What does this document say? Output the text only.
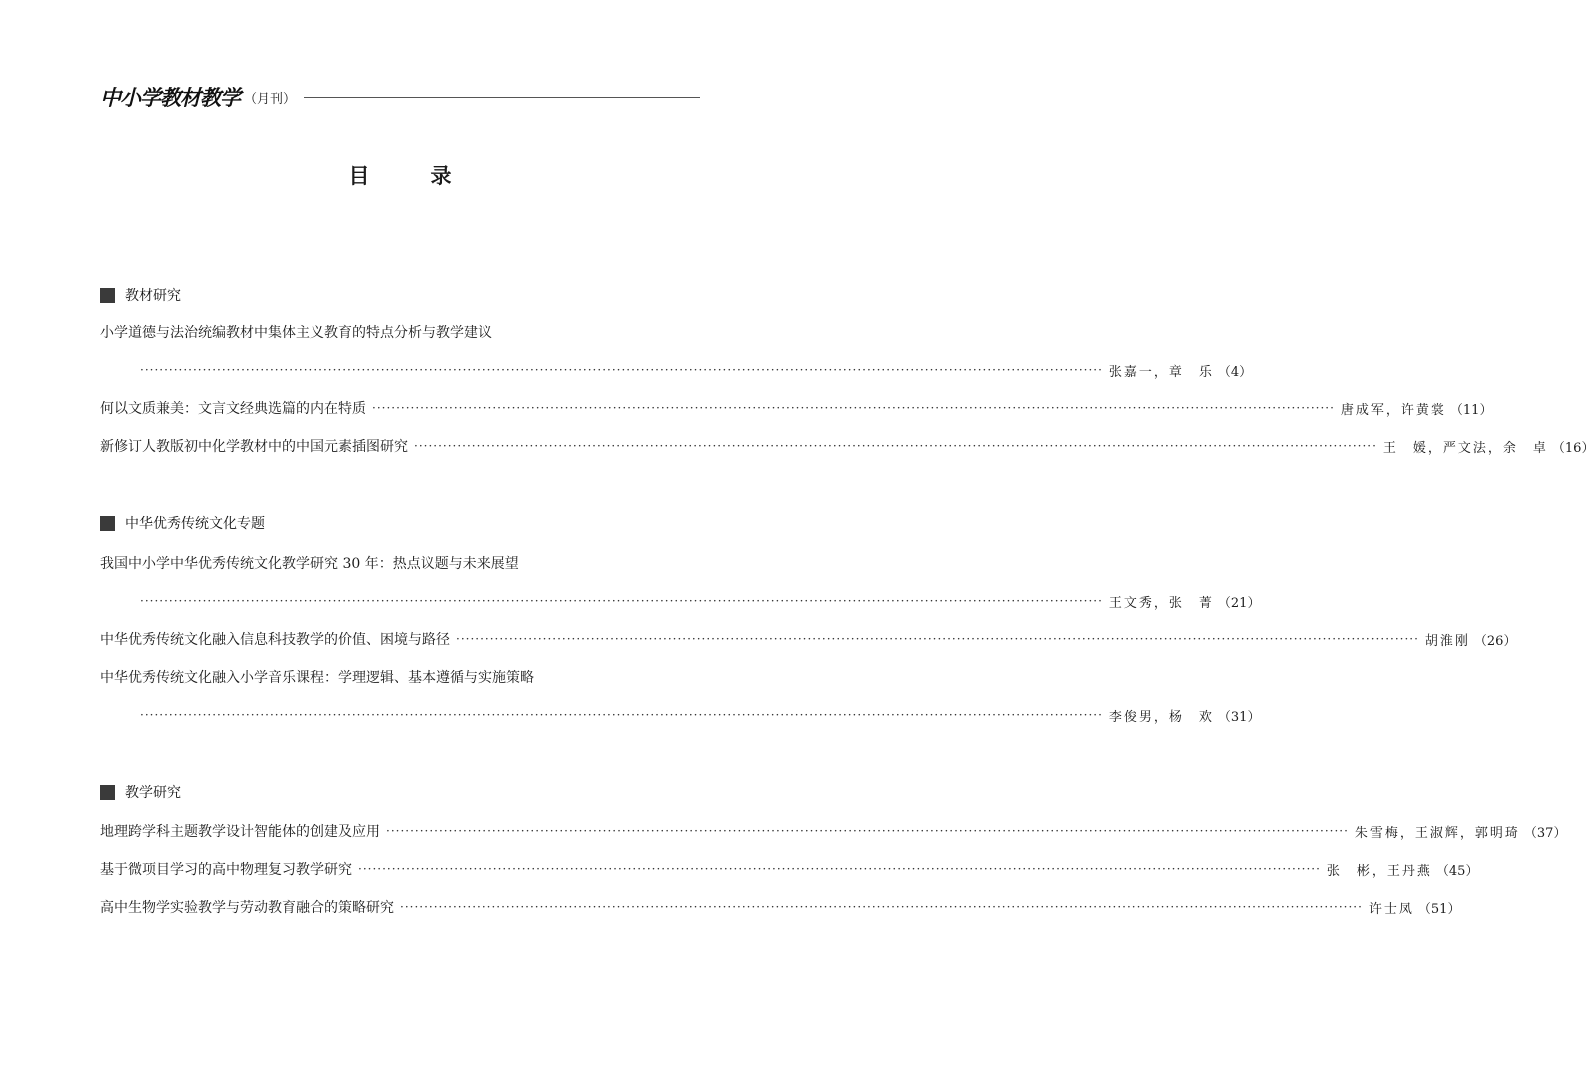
中小学教材教学 （月刊）
目　录
教材研究
小学道德与法治统编教材中集体主义教育的特点分析与教学建议
········································································································································································································ 张嘉一，章　乐 （4）
何以文质兼美：文言文经典选篇的内在特质 ········································································································································································································ 唐成军，许黄裳 （11）
新修订人教版初中化学教材中的中国元素插图研究 ········································································································································································································ 王　媛，严文法，余　卓 （16）
中华优秀传统文化专题
我国中小学中华优秀传统文化教学研究 30 年：热点议题与未来展望
········································································································································································································ 王文秀，张　菁 （21）
中华优秀传统文化融入信息科技教学的价值、困境与路径 ········································································································································································································ 胡淮刚 （26）
中华优秀传统文化融入小学音乐课程：学理逻辑、基本遵循与实施策略
········································································································································································································ 李俊男，杨　欢 （31）
教学研究
地理跨学科主题教学设计智能体的创建及应用 ········································································································································································································ 朱雪梅，王淑辉，郭明琦 （37）
基于微项目学习的高中物理复习教学研究 ········································································································································································································ 张　彬，王丹燕 （45）
高中生物学实验教学与劳动教育融合的策略研究 ········································································································································································································ 许士凤 （51）
